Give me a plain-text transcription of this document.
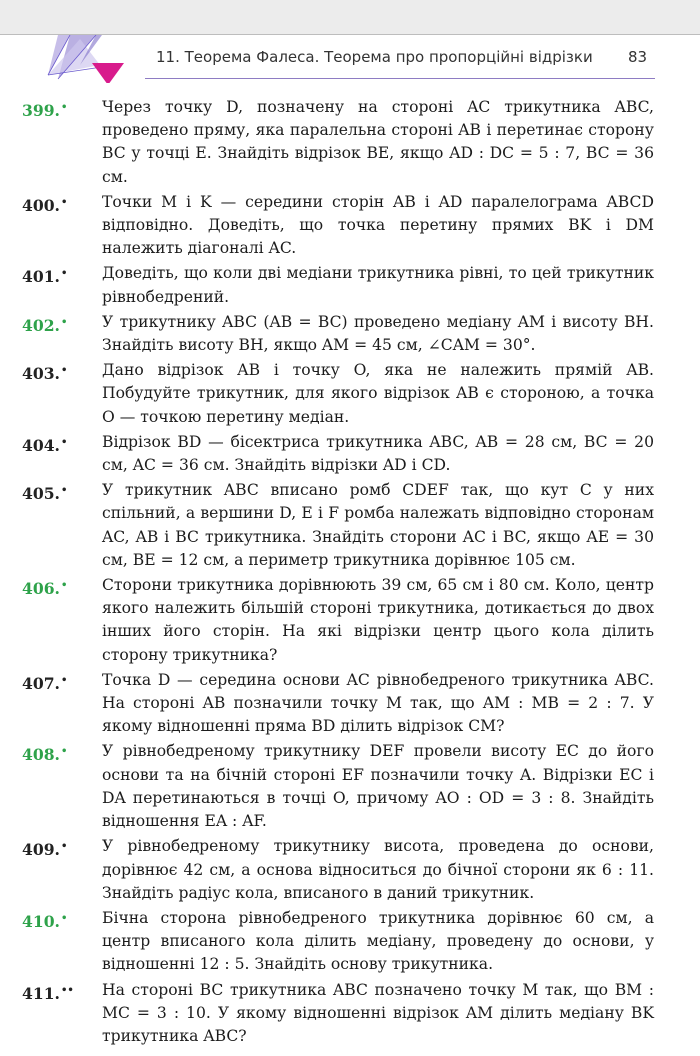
11. Теорема Фалеса. Теорема про пропорційні відрізки 83
399.• Через точку D, позначену на стороні AC трикутника ABC, проведено пряму, яка паралельна стороні AB і перетинає сторону BC у точці E. Знайдіть відрізок BE, якщо AD : DC = 5 : 7, BC = 36 см.
400.• Точки M і K — середини сторін AB і AD паралелограма ABCD відповідно. Доведіть, що точка перетину прямих BK і DM належить діагоналі AC.
401.• Доведіть, що коли дві медіани трикутника рівні, то цей трикутник рівнобедрений.
402.• У трикутнику ABC (AB = BC) проведено медіану AM і висоту BH. Знайдіть висоту BH, якщо AM = 45 см, ∠CAM = 30°.
403.• Дано відрізок AB і точку O, яка не належить прямій AB. Побудуйте трикутник, для якого відрізок AB є стороною, а точка O — точкою перетину медіан.
404.• Відрізок BD — бісектриса трикутника ABC, AB = 28 см, BC = 20 см, AC = 36 см. Знайдіть відрізки AD і CD.
405.• У трикутник ABC вписано ромб CDEF так, що кут C у них спільний, а вершини D, E і F ромба належать відповідно сторонам AC, AB і BC трикутника. Знайдіть сторони AC і BC, якщо AE = 30 см, BE = 12 см, а периметр трикутника дорівнює 105 см.
406.• Сторони трикутника дорівнюють 39 см, 65 см і 80 см. Коло, центр якого належить більшій стороні трикутника, дотикається до двох інших його сторін. На які відрізки центр цього кола ділить сторону трикутника?
407.• Точка D — середина основи AC рівнобедреного трикутника ABC. На стороні AB позначили точку M так, що AM : MB = 2 : 7. У якому відношенні пряма BD ділить відрізок CM?
408.• У рівнобедреному трикутнику DEF провели висоту EC до його основи та на бічній стороні EF позначили точку A. Відрізки EC і DA перетинаються в точці O, причому AO : OD = 3 : 8. Знайдіть відношення EA : AF.
409.• У рівнобедреному трикутнику висота, проведена до основи, дорівнює 42 см, а основа відноситься до бічної сторони як 6 : 11. Знайдіть радіус кола, вписаного в даний трикутник.
410.• Бічна сторона рівнобедреного трикутника дорівнює 60 см, а центр вписаного кола ділить медіану, проведену до основи, у відношенні 12 : 5. Знайдіть основу трикутника.
411.•• На стороні BC трикутника ABC позначено точку M так, що BM : MC = 3 : 10. У якому відношенні відрізок AM ділить медіану BK трикутника ABC?
